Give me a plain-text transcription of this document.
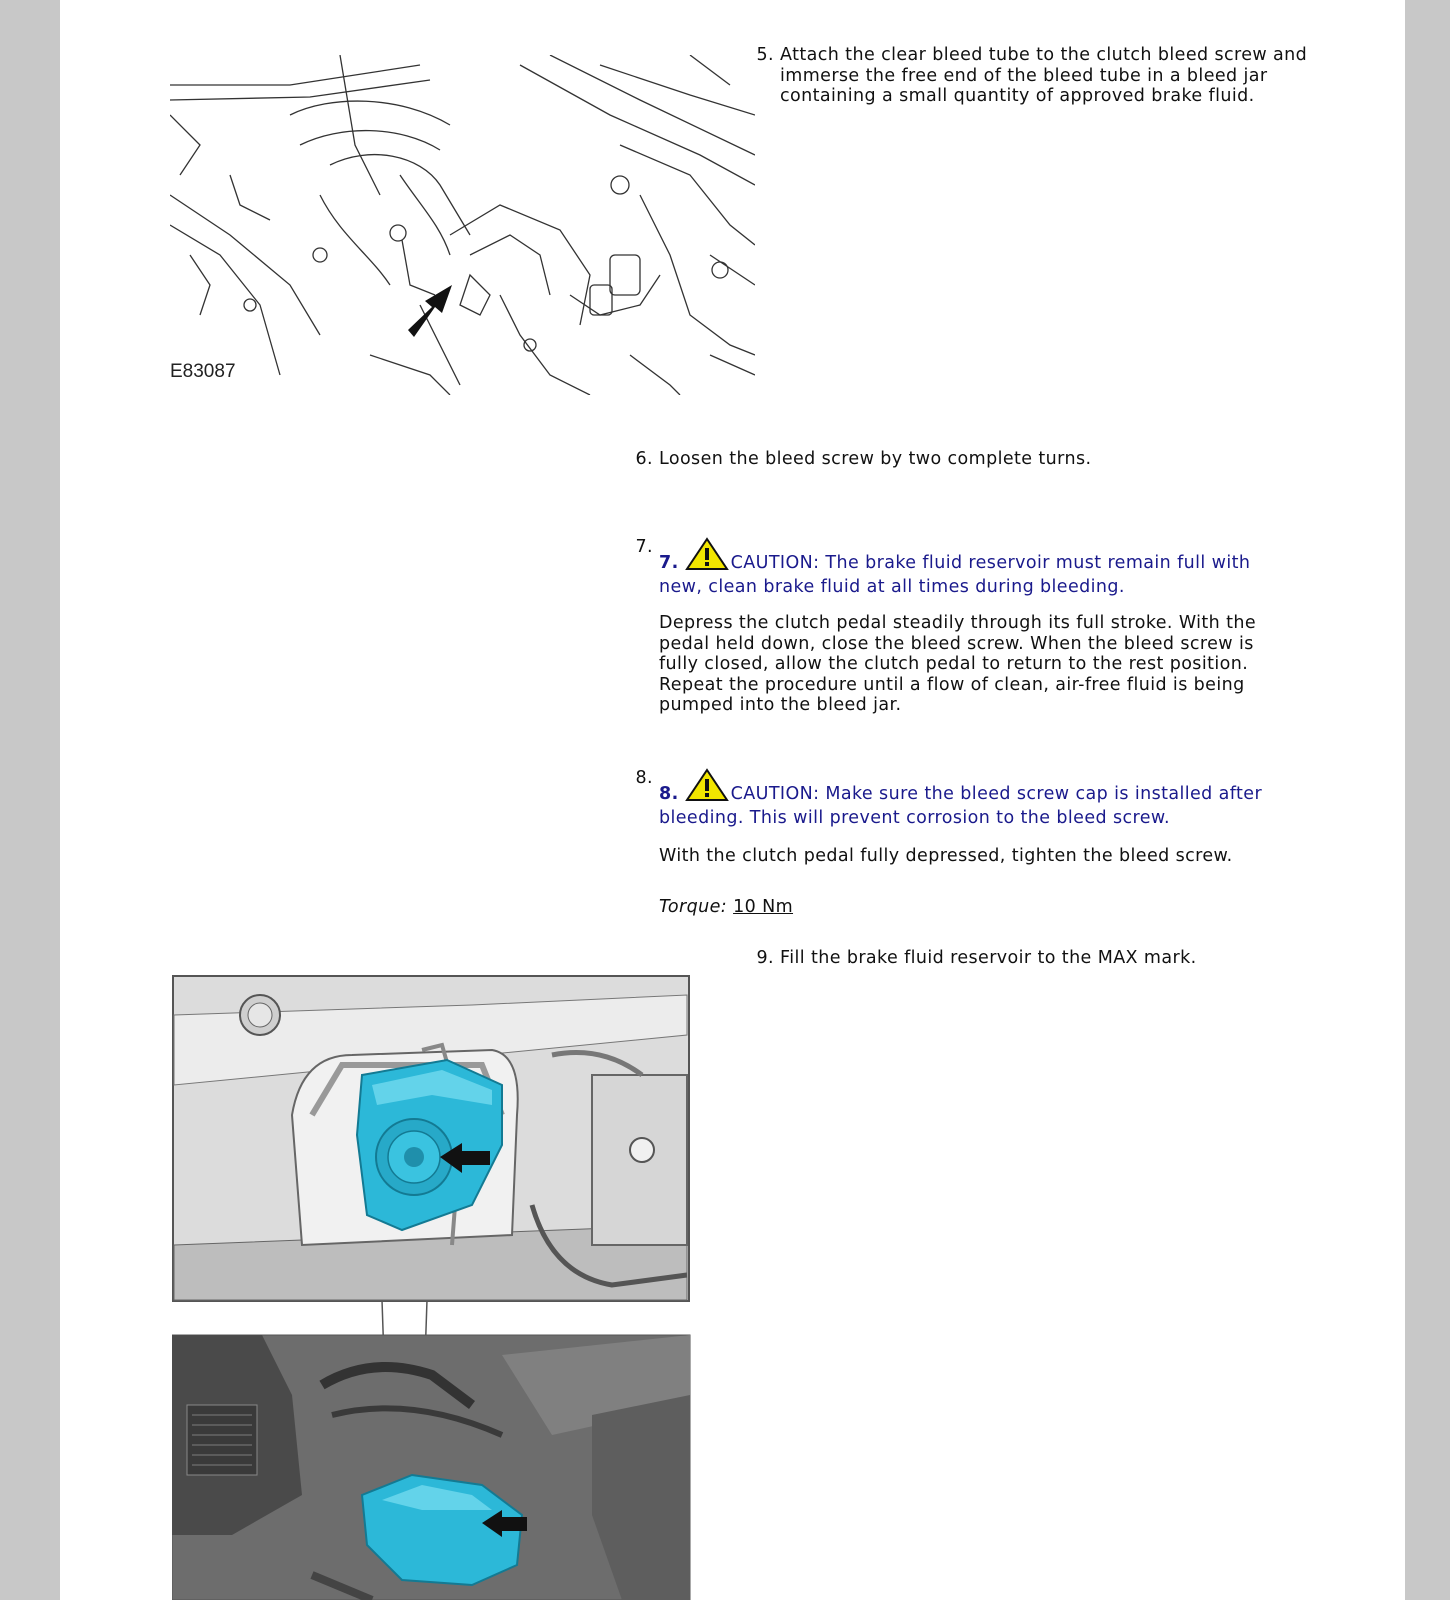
E83087
5. Attach the clear bleed tube to the clutch bleed screw and immerse the free end of the bleed tube in a bleed jar containing a small quantity of approved brake fluid.
6. Loosen the bleed screw by two complete turns.
7.
7.	CAUTION: The brake fluid reservoir must remain full with new, clean brake fluid at all times during bleeding.
Depress the clutch pedal steadily through its full stroke. With the pedal held down, close the bleed screw. When the bleed screw is fully closed, allow the clutch pedal to return to the rest position. Repeat the procedure until a flow of clean, air-free fluid is being pumped into the bleed jar.
8.
8.	CAUTION: Make sure the bleed screw cap is installed after bleeding. This will prevent corrosion to the bleed screw.
With the clutch pedal fully depressed, tighten the bleed screw.
Torque: 10 Nm
9. Fill the brake fluid reservoir to the MAX mark.
